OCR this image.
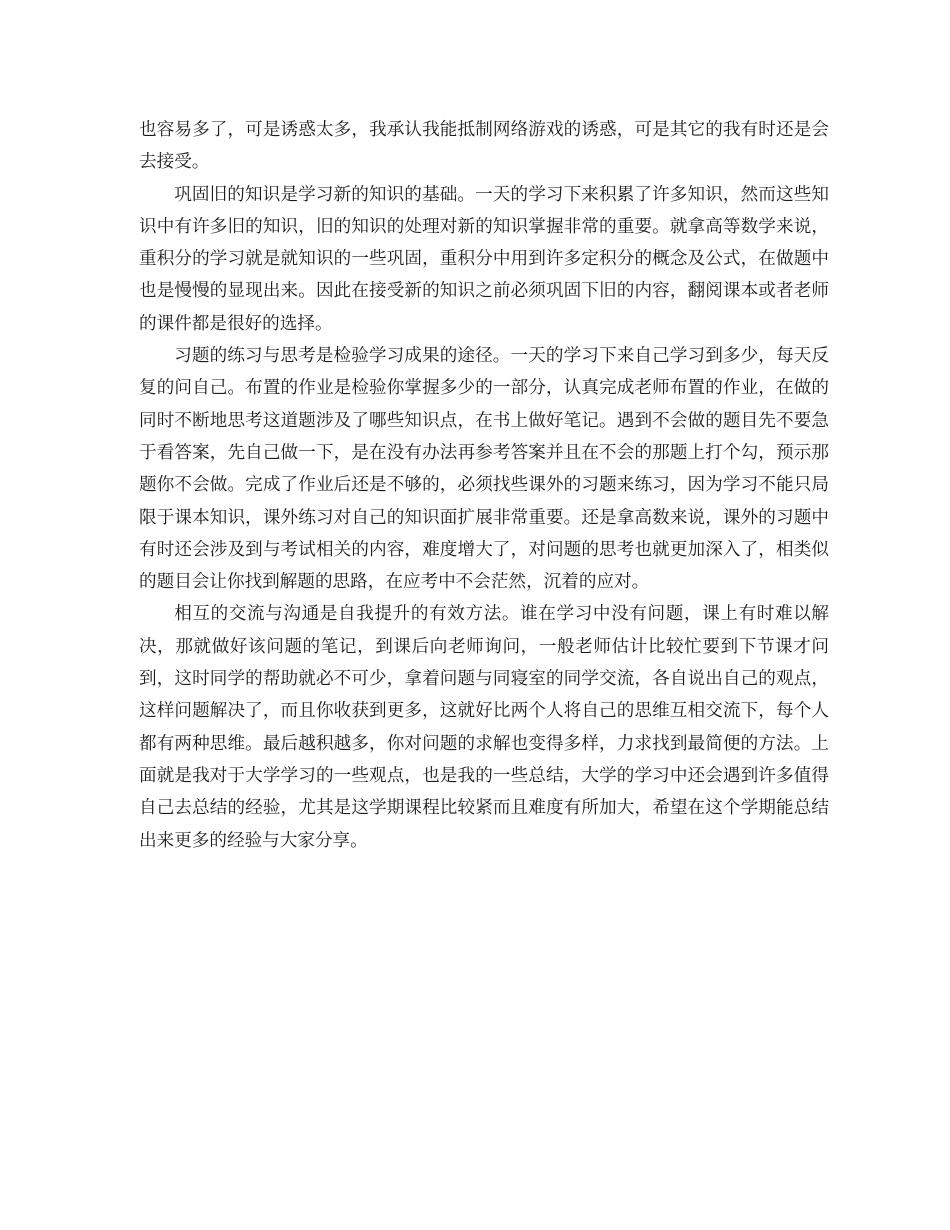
也容易多了，可是诱惑太多，我承认我能抵制网络游戏的诱惑，可是其它的我有时还是会去接受。

巩固旧的知识是学习新的知识的基础。一天的学习下来积累了许多知识，然而这些知识中有许多旧的知识，旧的知识的处理对新的知识掌握非常的重要。就拿高等数学来说，重积分的学习就是就知识的一些巩固，重积分中用到许多定积分的概念及公式，在做题中也是慢慢的显现出来。因此在接受新的知识之前必须巩固下旧的内容，翻阅课本或者老师的课件都是很好的选择。

习题的练习与思考是检验学习成果的途径。一天的学习下来自己学习到多少，每天反复的问自己。布置的作业是检验你掌握多少的一部分，认真完成老师布置的作业，在做的同时不断地思考这道题涉及了哪些知识点，在书上做好笔记。遇到不会做的题目先不要急于看答案，先自己做一下，是在没有办法再参考答案并且在不会的那题上打个勾，预示那题你不会做。完成了作业后还是不够的，必须找些课外的习题来练习，因为学习不能只局限于课本知识，课外练习对自己的知识面扩展非常重要。还是拿高数来说，课外的习题中有时还会涉及到与考试相关的内容，难度增大了，对问题的思考也就更加深入了，相类似的题目会让你找到解题的思路，在应考中不会茫然，沉着的应对。

相互的交流与沟通是自我提升的有效方法。谁在学习中没有问题，课上有时难以解决，那就做好该问题的笔记，到课后向老师询问，一般老师估计比较忙要到下节课才问到，这时同学的帮助就必不可少，拿着问题与同寝室的同学交流，各自说出自己的观点，这样问题解决了，而且你收获到更多，这就好比两个人将自己的思维互相交流下，每个人都有两种思维。最后越积越多，你对问题的求解也变得多样，力求找到最简便的方法。上面就是我对于大学学习的一些观点，也是我的一些总结，大学的学习中还会遇到许多值得自己去总结的经验，尤其是这学期课程比较紧而且难度有所加大，希望在这个学期能总结出来更多的经验与大家分享。
